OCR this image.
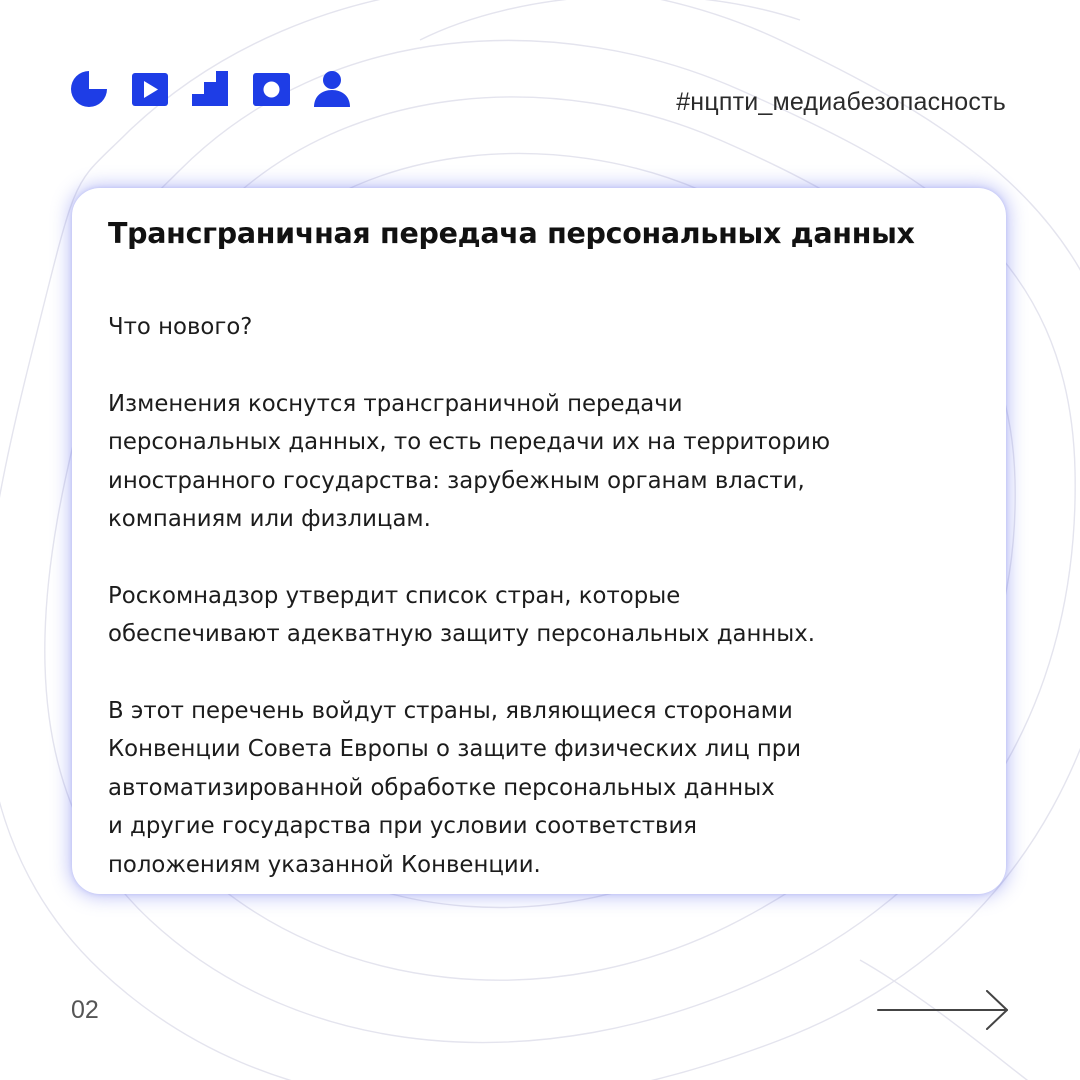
#нцпти_медиабезопасность
Трансграничная передача персональных данных

Что нового?

Изменения коснутся трансграничной передачи
персональных данных, то есть передачи их на территорию
иностранного государства: зарубежным органам власти,
компаниям или физлицам.

Роскомнадзор утвердит список стран, которые
обеспечивают адекватную защиту персональных данных.

В этот перечень войдут страны, являющиеся сторонами
Конвенции Совета Европы о защите физических лиц при
автоматизированной обработке персональных данных
и другие государства при условии соответствия
положениям указанной Конвенции.

02
